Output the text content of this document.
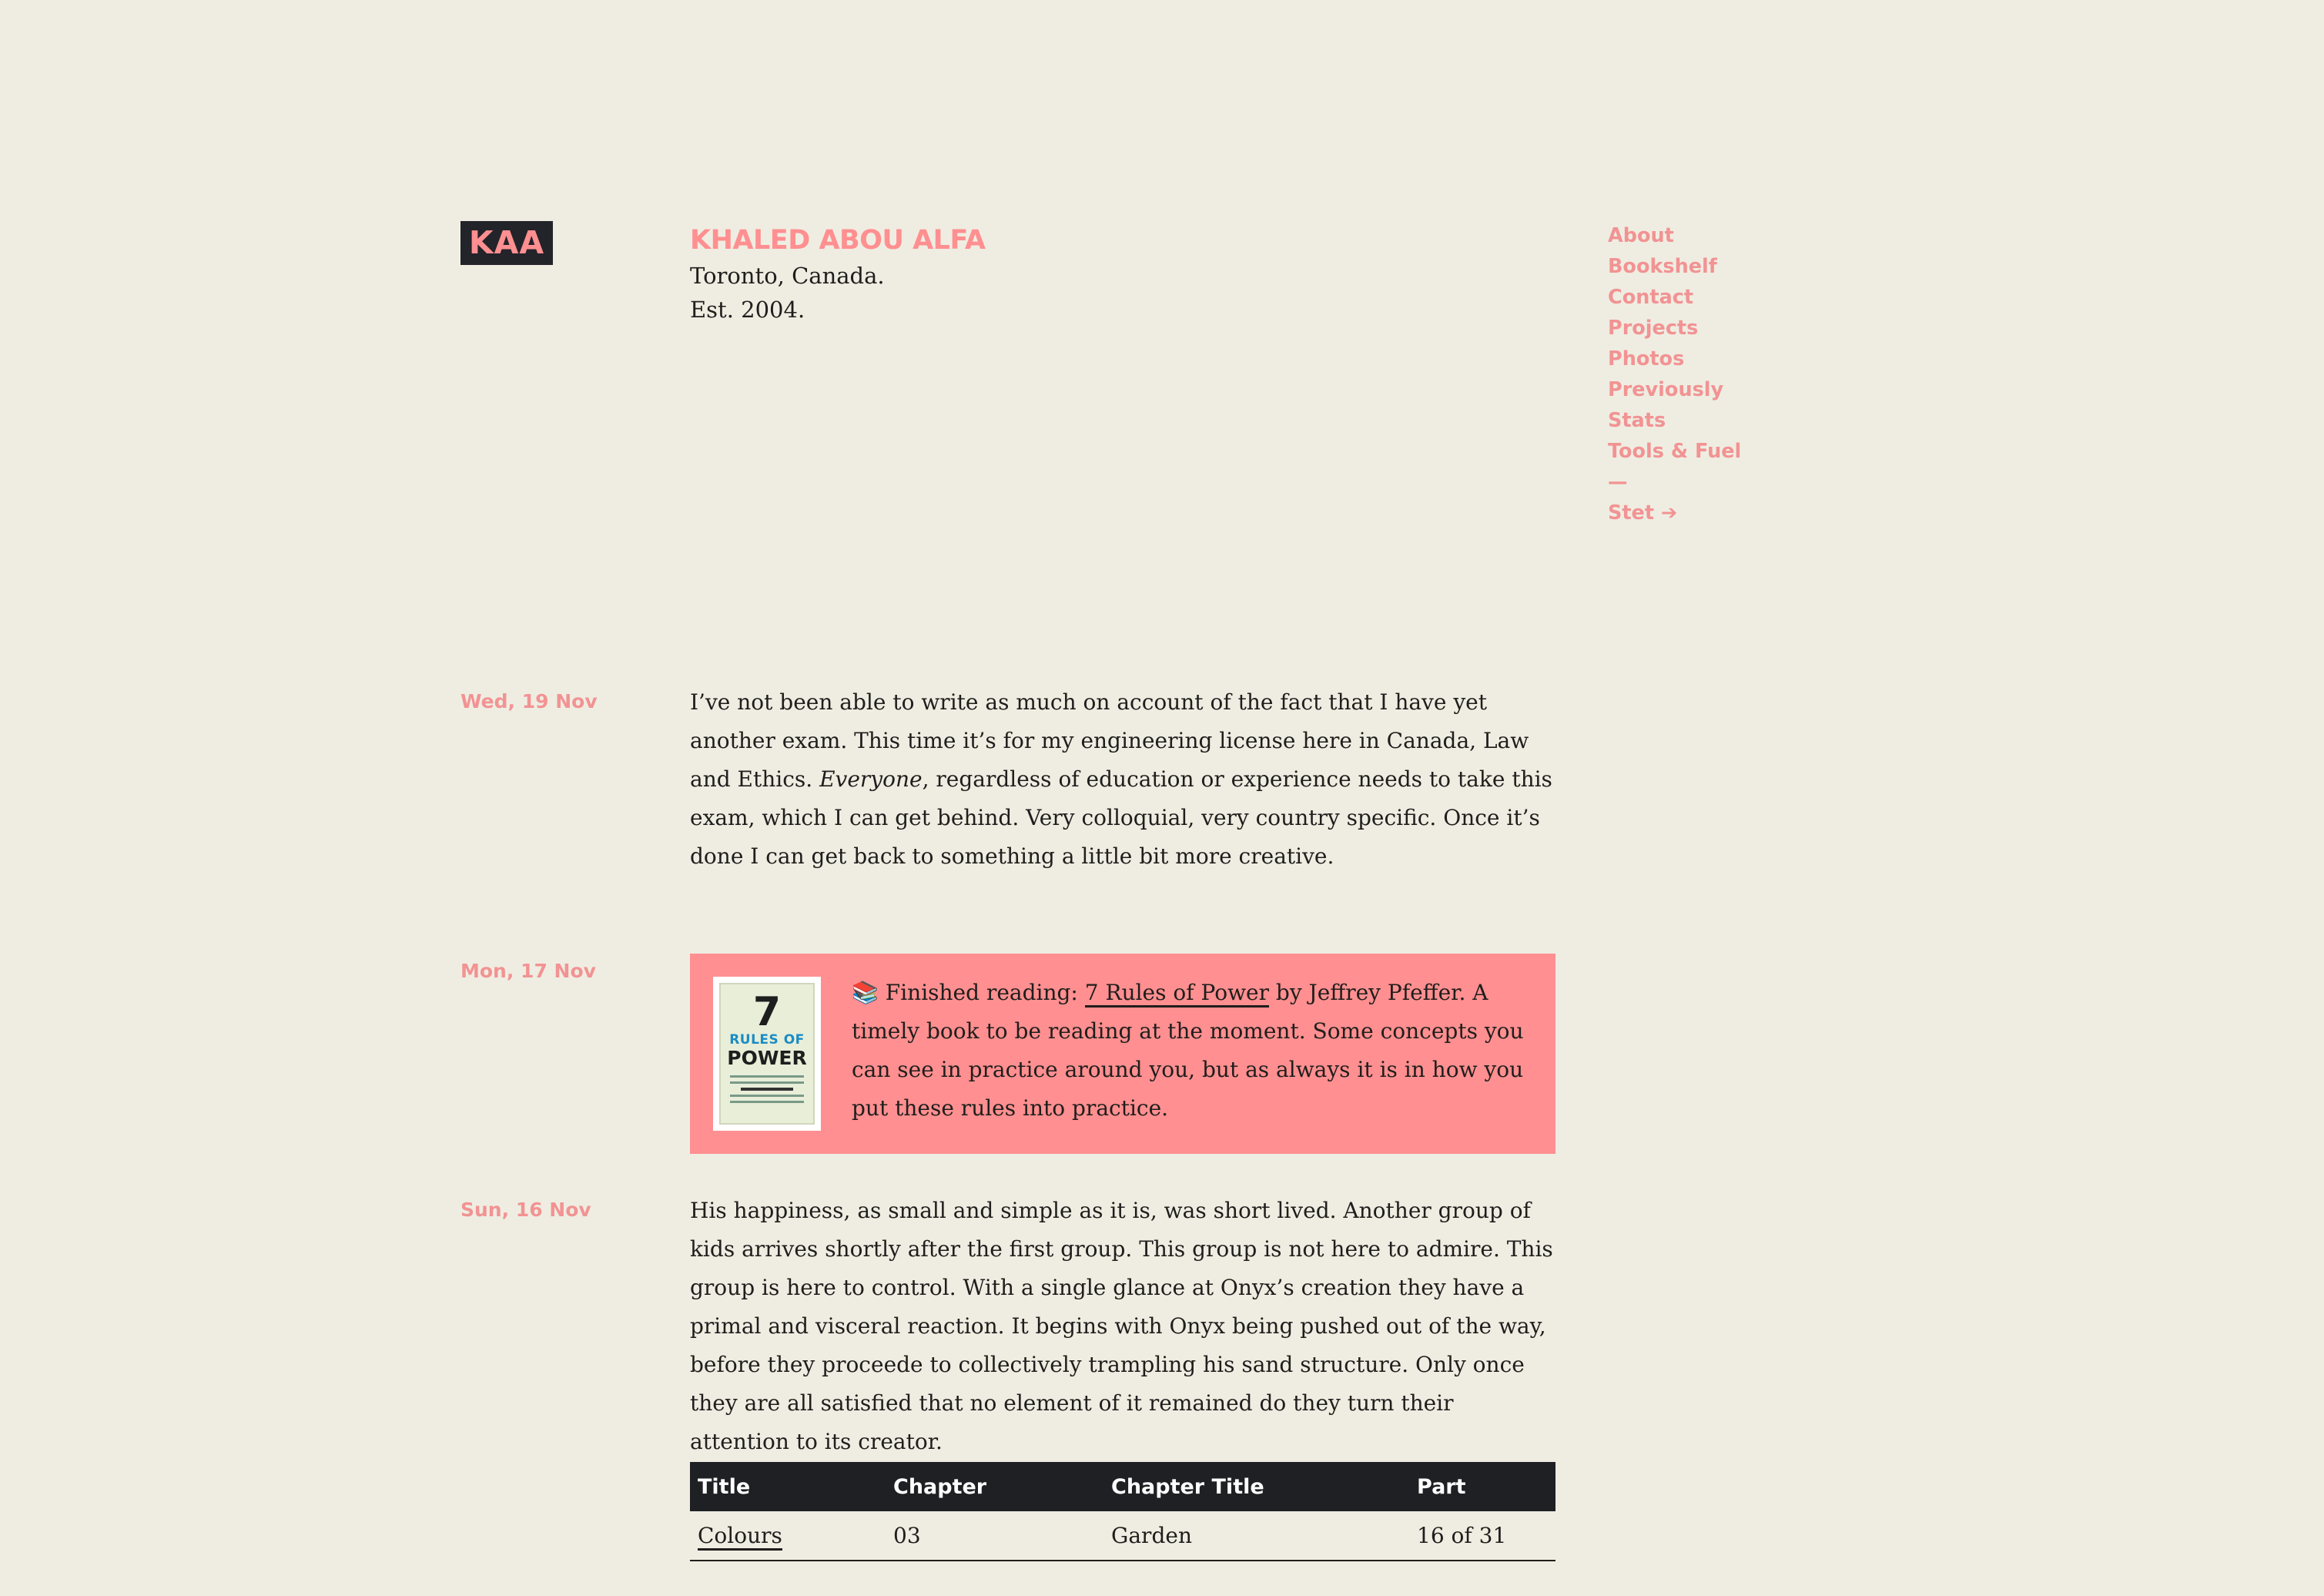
KAA	KHALED ABOU ALFA
Toronto, Canada.
Est. 2004.
About
Bookshelf
Contact
Projects
Photos
Previously
Stats
Tools & Fuel
—
Stet ➔
Wed, 19 Nov	I’ve not been able to write as much on account of the fact that I have yet another exam. This time it’s for my engineering license here in Canada, Law and Ethics. Everyone, regardless of education or experience needs to take this exam, which I can get behind. Very colloquial, very country specific. Once it’s done I can get back to something a little bit more creative.
Mon, 17 Nov
7
RULES OF
POWER
📚 Finished reading: 7 Rules of Power by Jeffrey Pfeffer. A timely book to be reading at the moment. Some concepts you can see in practice around you, but as always it is in how you put these rules into practice.
Sun, 16 Nov	His happiness, as small and simple as it is, was short lived. Another group of kids arrives shortly after the first group. This group is not here to admire. This group is here to control. With a single glance at Onyx’s creation they have a primal and visceral reaction. It begins with Onyx being pushed out of the way, before they proceede to collectively trampling his sand structure. Only once they are all satisfied that no element of it remained do they turn their attention to its creator.
Title	Chapter	Chapter Title	Part
Colours	03	Garden	16 of 31
